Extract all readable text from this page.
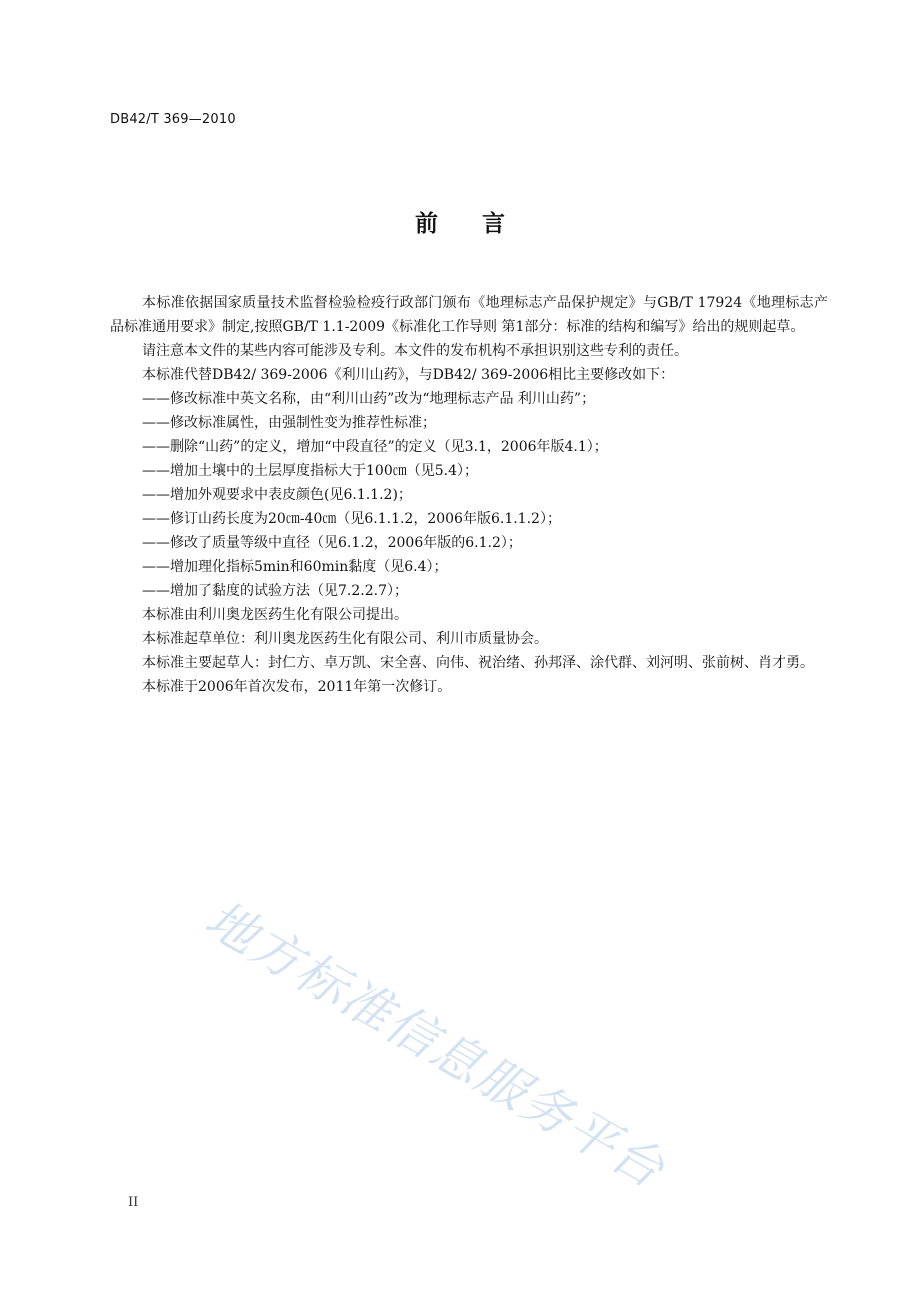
DB42/T 369—2010
前言

本标准依据国家质量技术监督检验检疫行政部门颁布《地理标志产品保护规定》与GB/T 17924《地理标志产品标准通用要求》制定,按照GB/T 1.1-2009《标准化工作导则 第1部分：标准的结构和编写》给出的规则起草。

请注意本文件的某些内容可能涉及专利。本文件的发布机构不承担识别这些专利的责任。

本标准代替DB42/ 369-2006《利川山药》，与DB42/ 369-2006相比主要修改如下：

——修改标准中英文名称，由“利川山药”改为“地理标志产品 利川山药”；

——修改标准属性，由强制性变为推荐性标准；

——删除“山药”的定义，增加“中段直径”的定义（见3.1，2006年版4.1）；

——增加土壤中的土层厚度指标大于100㎝（见5.4）；

——增加外观要求中表皮颜色(见6.1.1.2)；

——修订山药长度为20㎝-40㎝（见6.1.1.2，2006年版6.1.1.2）；

——修改了质量等级中直径（见6.1.2，2006年版的6.1.2）；

——增加理化指标5min和60min黏度（见6.4）；

——增加了黏度的试验方法（见7.2.2.7）；

本标准由利川奥龙医药生化有限公司提出。

本标准起草单位：利川奥龙医药生化有限公司、利川市质量协会。

本标准主要起草人：封仁方、卓万凯、宋全喜、向伟、祝治绪、孙邦泽、涂代群、刘河明、张前树、肖才勇。

本标准于2006年首次发布，2011年第一次修订。

地方标准信息服务平台
II
